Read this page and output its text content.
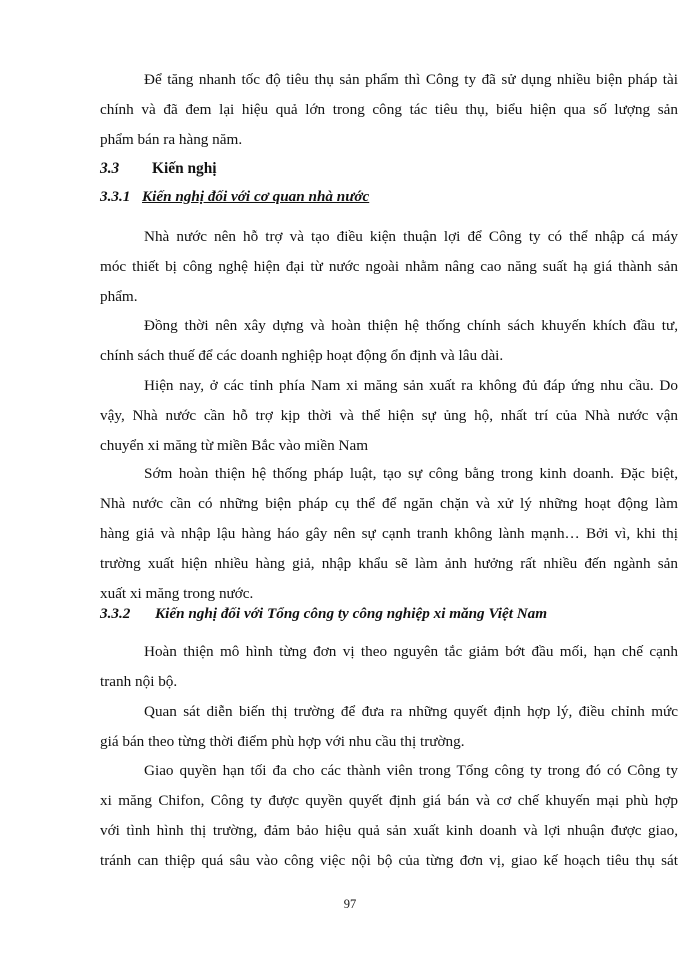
Để tăng nhanh tốc độ tiêu thụ sản phẩm thì Công ty đã sử dụng nhiều biện pháp tài
chính và đã đem lại hiệu quả lớn trong công tác tiêu thụ, biểu hiện qua số lượng sản
phẩm bán ra hàng năm.
3.3 Kiến nghị
3.3.1 Kiến nghị đối với cơ quan nhà nước
Nhà nước nên hỗ trợ và tạo điều kiện thuận lợi để Công ty có thể nhập cá máy
móc thiết bị công nghệ hiện đại từ nước ngoài nhằm nâng cao năng suất hạ giá thành sản
phẩm.
Đồng thời nên xây dựng và hoàn thiện hệ thống chính sách khuyến khích đầu tư,
chính sách thuế để các doanh nghiệp hoạt động ổn định và lâu dài.
Hiện nay, ở các tỉnh phía Nam xi măng sản xuất ra không đủ đáp ứng nhu cầu. Do
vậy, Nhà nước cần hỗ trợ kịp thời và thể hiện sự ủng hộ, nhất trí của Nhà nước vận
chuyển xi măng từ miền Bắc vào miền Nam
Sớm hoàn thiện hệ thống pháp luật, tạo sự công bằng trong kinh doanh. Đặc biệt,
Nhà nước cần có những biện pháp cụ thể để ngăn chặn và xử lý những hoạt động làm
hàng giả và nhập lậu hàng háo gây nên sự cạnh tranh không lành mạnh… Bởi vì, khi thị
trường xuất hiện nhiều hàng giả, nhập khẩu sẽ làm ảnh hưởng rất nhiều đến ngành sản
xuất xi măng trong nước.
3.3.2 Kiến nghị đối với Tổng công ty công nghiệp xi măng Việt Nam
Hoàn thiện mô hình từng đơn vị theo nguyên tắc giảm bớt đầu mối, hạn chế cạnh
tranh nội bộ.
Quan sát diễn biến thị trường để đưa ra những quyết định hợp lý, điều chỉnh mức
giá bán theo từng thời điểm phù hợp với nhu cầu thị trường.
Giao quyền hạn tối đa cho các thành viên trong Tổng công ty trong đó có Công ty
xi măng Chifon, Công ty được quyền quyết định giá bán và cơ chế khuyến mại phù hợp
với tình hình thị trường, đảm bảo hiệu quả sản xuất kinh doanh và lợi nhuận được giao,
tránh can thiệp quá sâu vào công việc nội bộ của từng đơn vị, giao kế hoạch tiêu thụ sát
97
